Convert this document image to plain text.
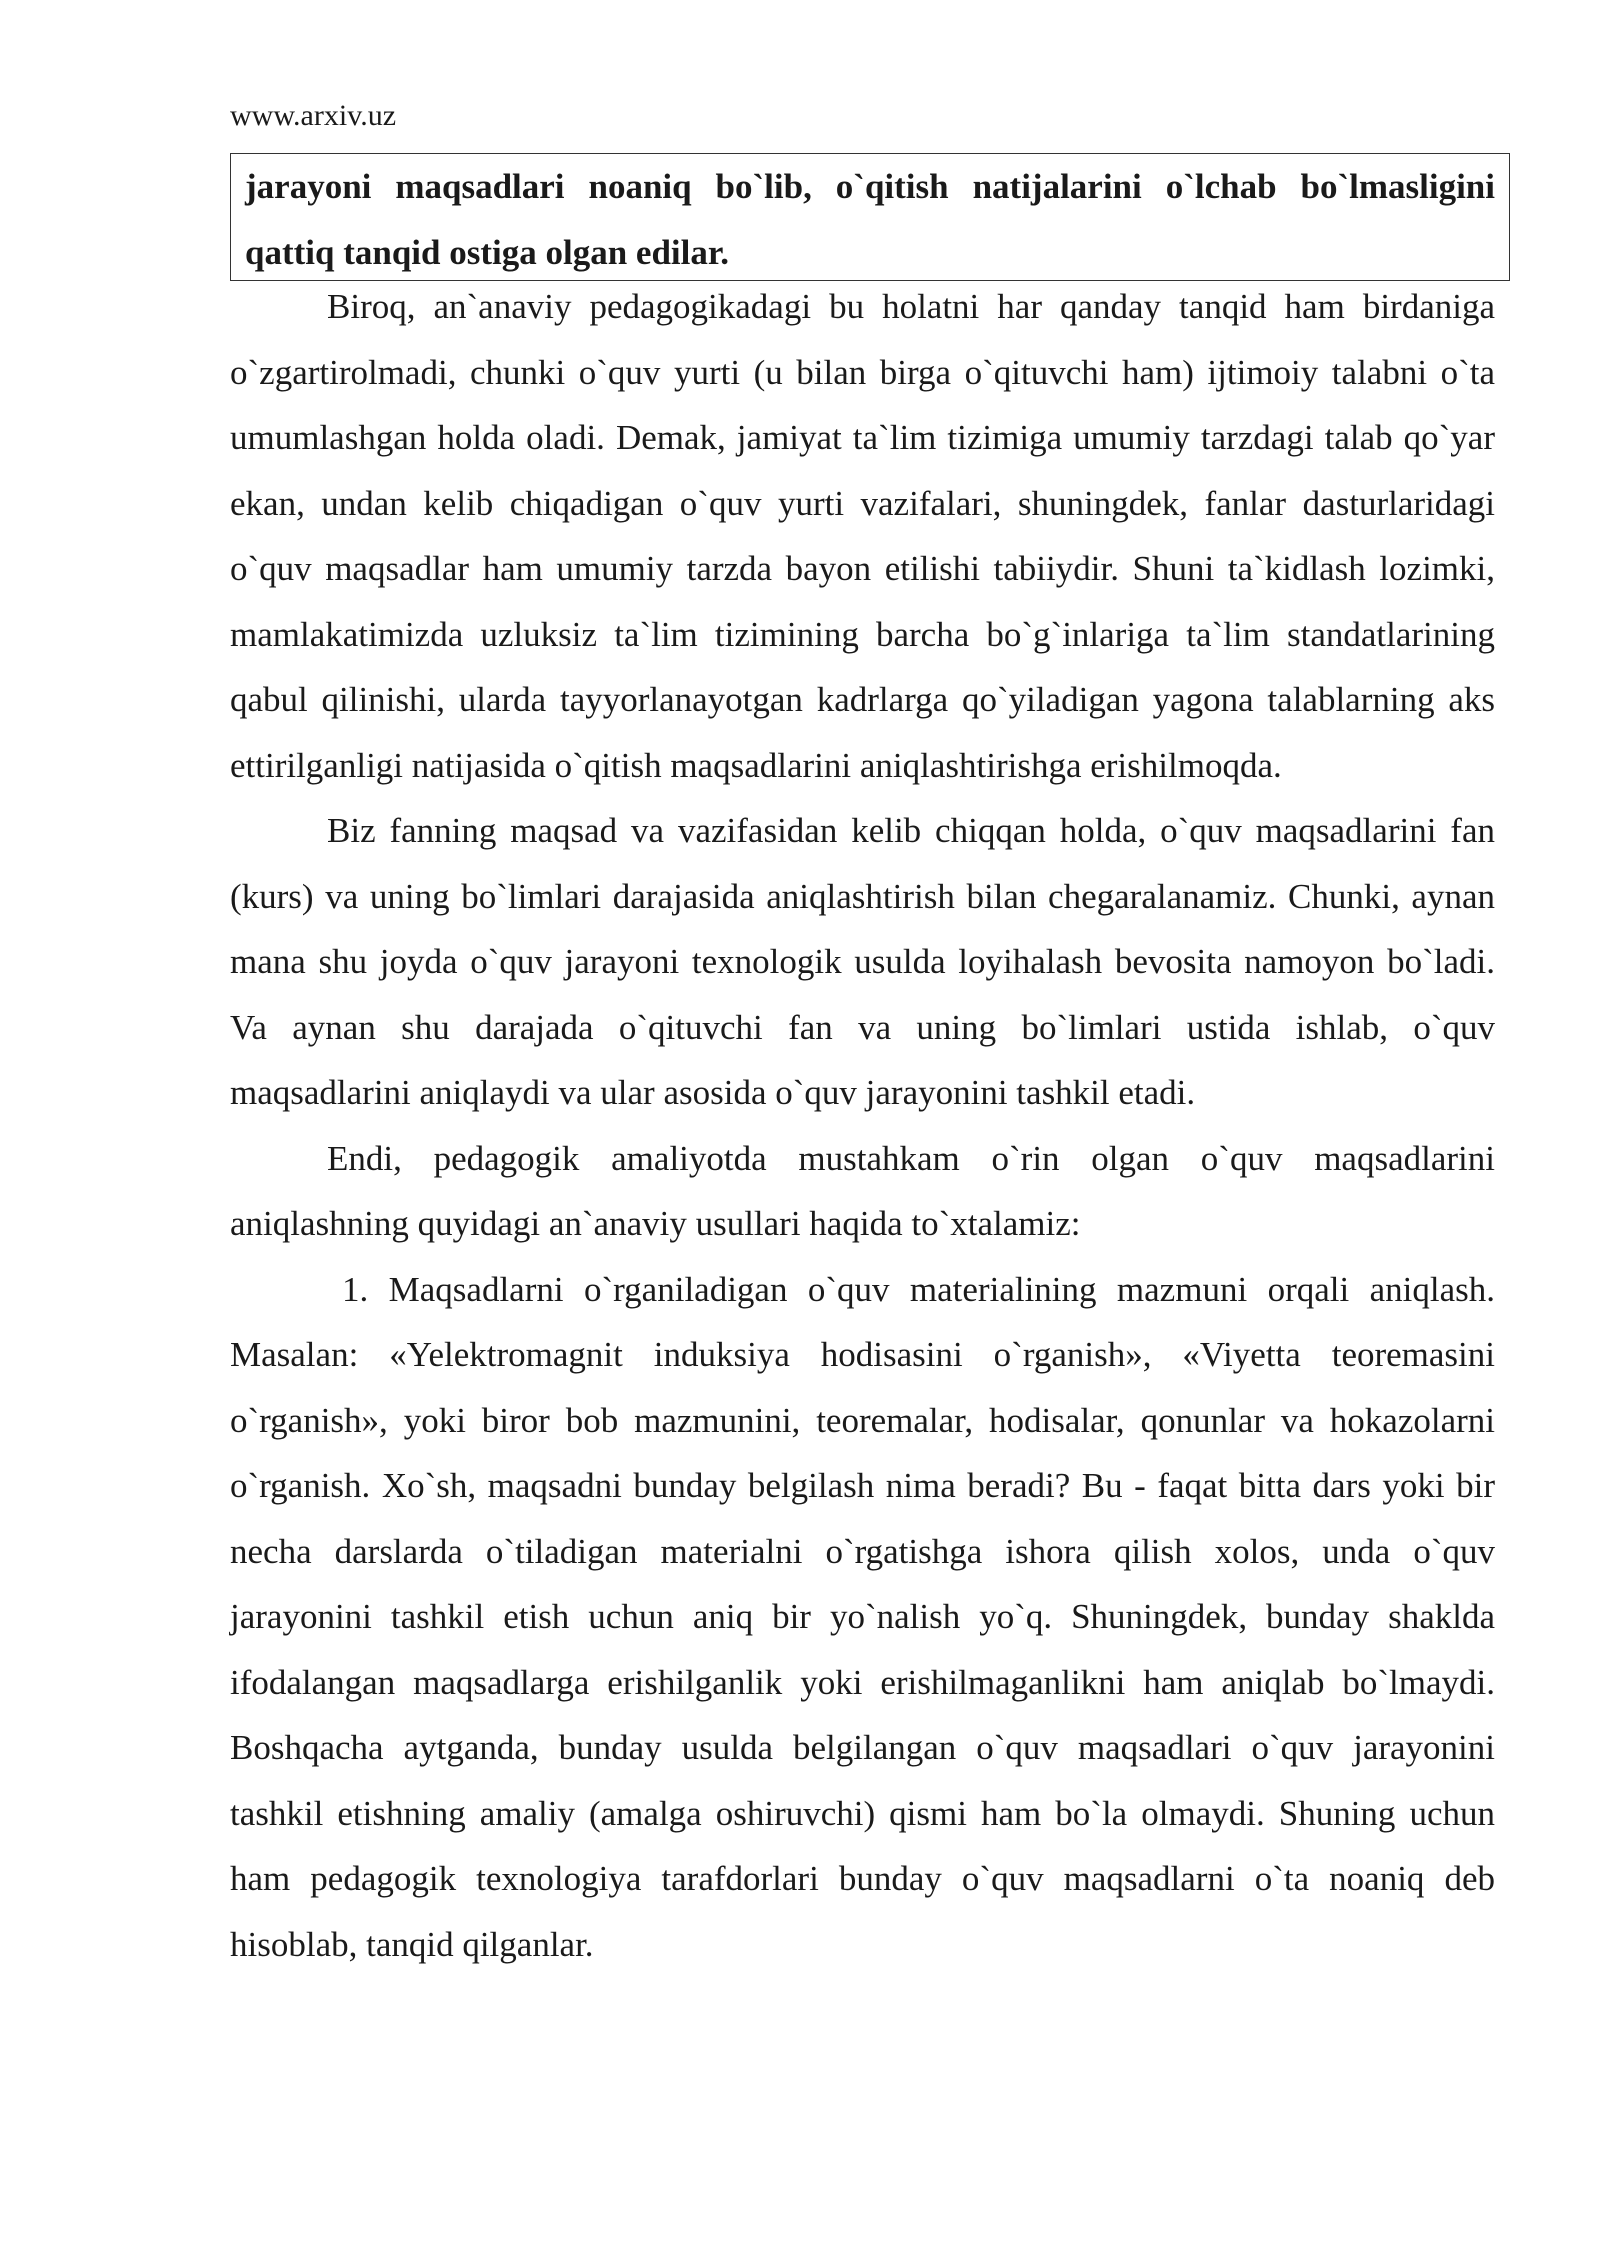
www.arxiv.uz

jarayoni maqsadlari noaniq bo`lib, o`qitish natijalarini o`lchab bo`lmasligini
qattiq tanqid ostiga olgan edilar.

Biroq, an`anaviy pedagogikadagi bu holatni har qanday tanqid ham birdaniga o`zgartirolmadi, chunki o`quv yurti (u bilan birga o`qituvchi ham) ijtimoiy talabni o`ta umumlashgan holda oladi. Demak, jamiyat ta`lim tizimiga umumiy tarzdagi talab qo`yar ekan, undan kelib chiqadigan o`quv yurti vazifalari, shuningdek, fanlar dasturlaridagi o`quv maqsadlar ham umumiy tarzda bayon etilishi tabiiydir. Shuni ta`kidlash lozimki, mamlakatimizda uzluksiz ta`lim tizimining barcha bo`g`inlariga ta`lim standatlarining qabul qilinishi, ularda tayyorlanayotgan kadrlarga qo`yiladigan yagona talablarning aks ettirilganligi natijasida o`qitish maqsadlarini aniqlashtirishga erishilmoqda.

Biz fanning maqsad va vazifasidan kelib chiqqan holda, o`quv maqsadlarini fan (kurs) va uning bo`limlari darajasida aniqlashtirish bilan chegaralanamiz. Chunki, aynan mana shu joyda o`quv jarayoni texnologik usulda loyihalash bevosita namoyon bo`ladi. Va aynan shu darajada o`qituvchi fan va uning bo`limlari ustida ishlab, o`quv maqsadlarini aniqlaydi va ular asosida o`quv jarayonini tashkil etadi.

Endi, pedagogik amaliyotda mustahkam o`rin olgan o`quv maqsadlarini aniqlashning quyidagi an`anaviy usullari haqida to`xtalamiz:

1. Maqsadlarni o`rganiladigan o`quv materialining mazmuni orqali aniqlash. Masalan: «Yelektromagnit induksiya hodisasini o`rganish», «Viyetta teoremasini o`rganish», yoki biror bob mazmunini, teoremalar, hodisalar, qonunlar va hokazolarni o`rganish. Xo`sh, maqsadni bunday belgilash nima beradi? Bu - faqat bitta dars yoki bir necha darslarda o`tiladigan materialni o`rgatishga ishora qilish xolos, unda o`quv jarayonini tashkil etish uchun aniq bir yo`nalish yo`q. Shuningdek, bunday shaklda ifodalangan maqsadlarga erishilganlik yoki erishilmaganlikni ham aniqlab bo`lmaydi. Boshqacha aytganda, bunday usulda belgilangan o`quv maqsadlari o`quv jarayonini tashkil etishning amaliy (amalga oshiruvchi) qismi ham bo`la olmaydi. Shuning uchun ham pedagogik texnologiya tarafdorlari bunday o`quv maqsadlarni o`ta noaniq deb hisoblab, tanqid qilganlar.
